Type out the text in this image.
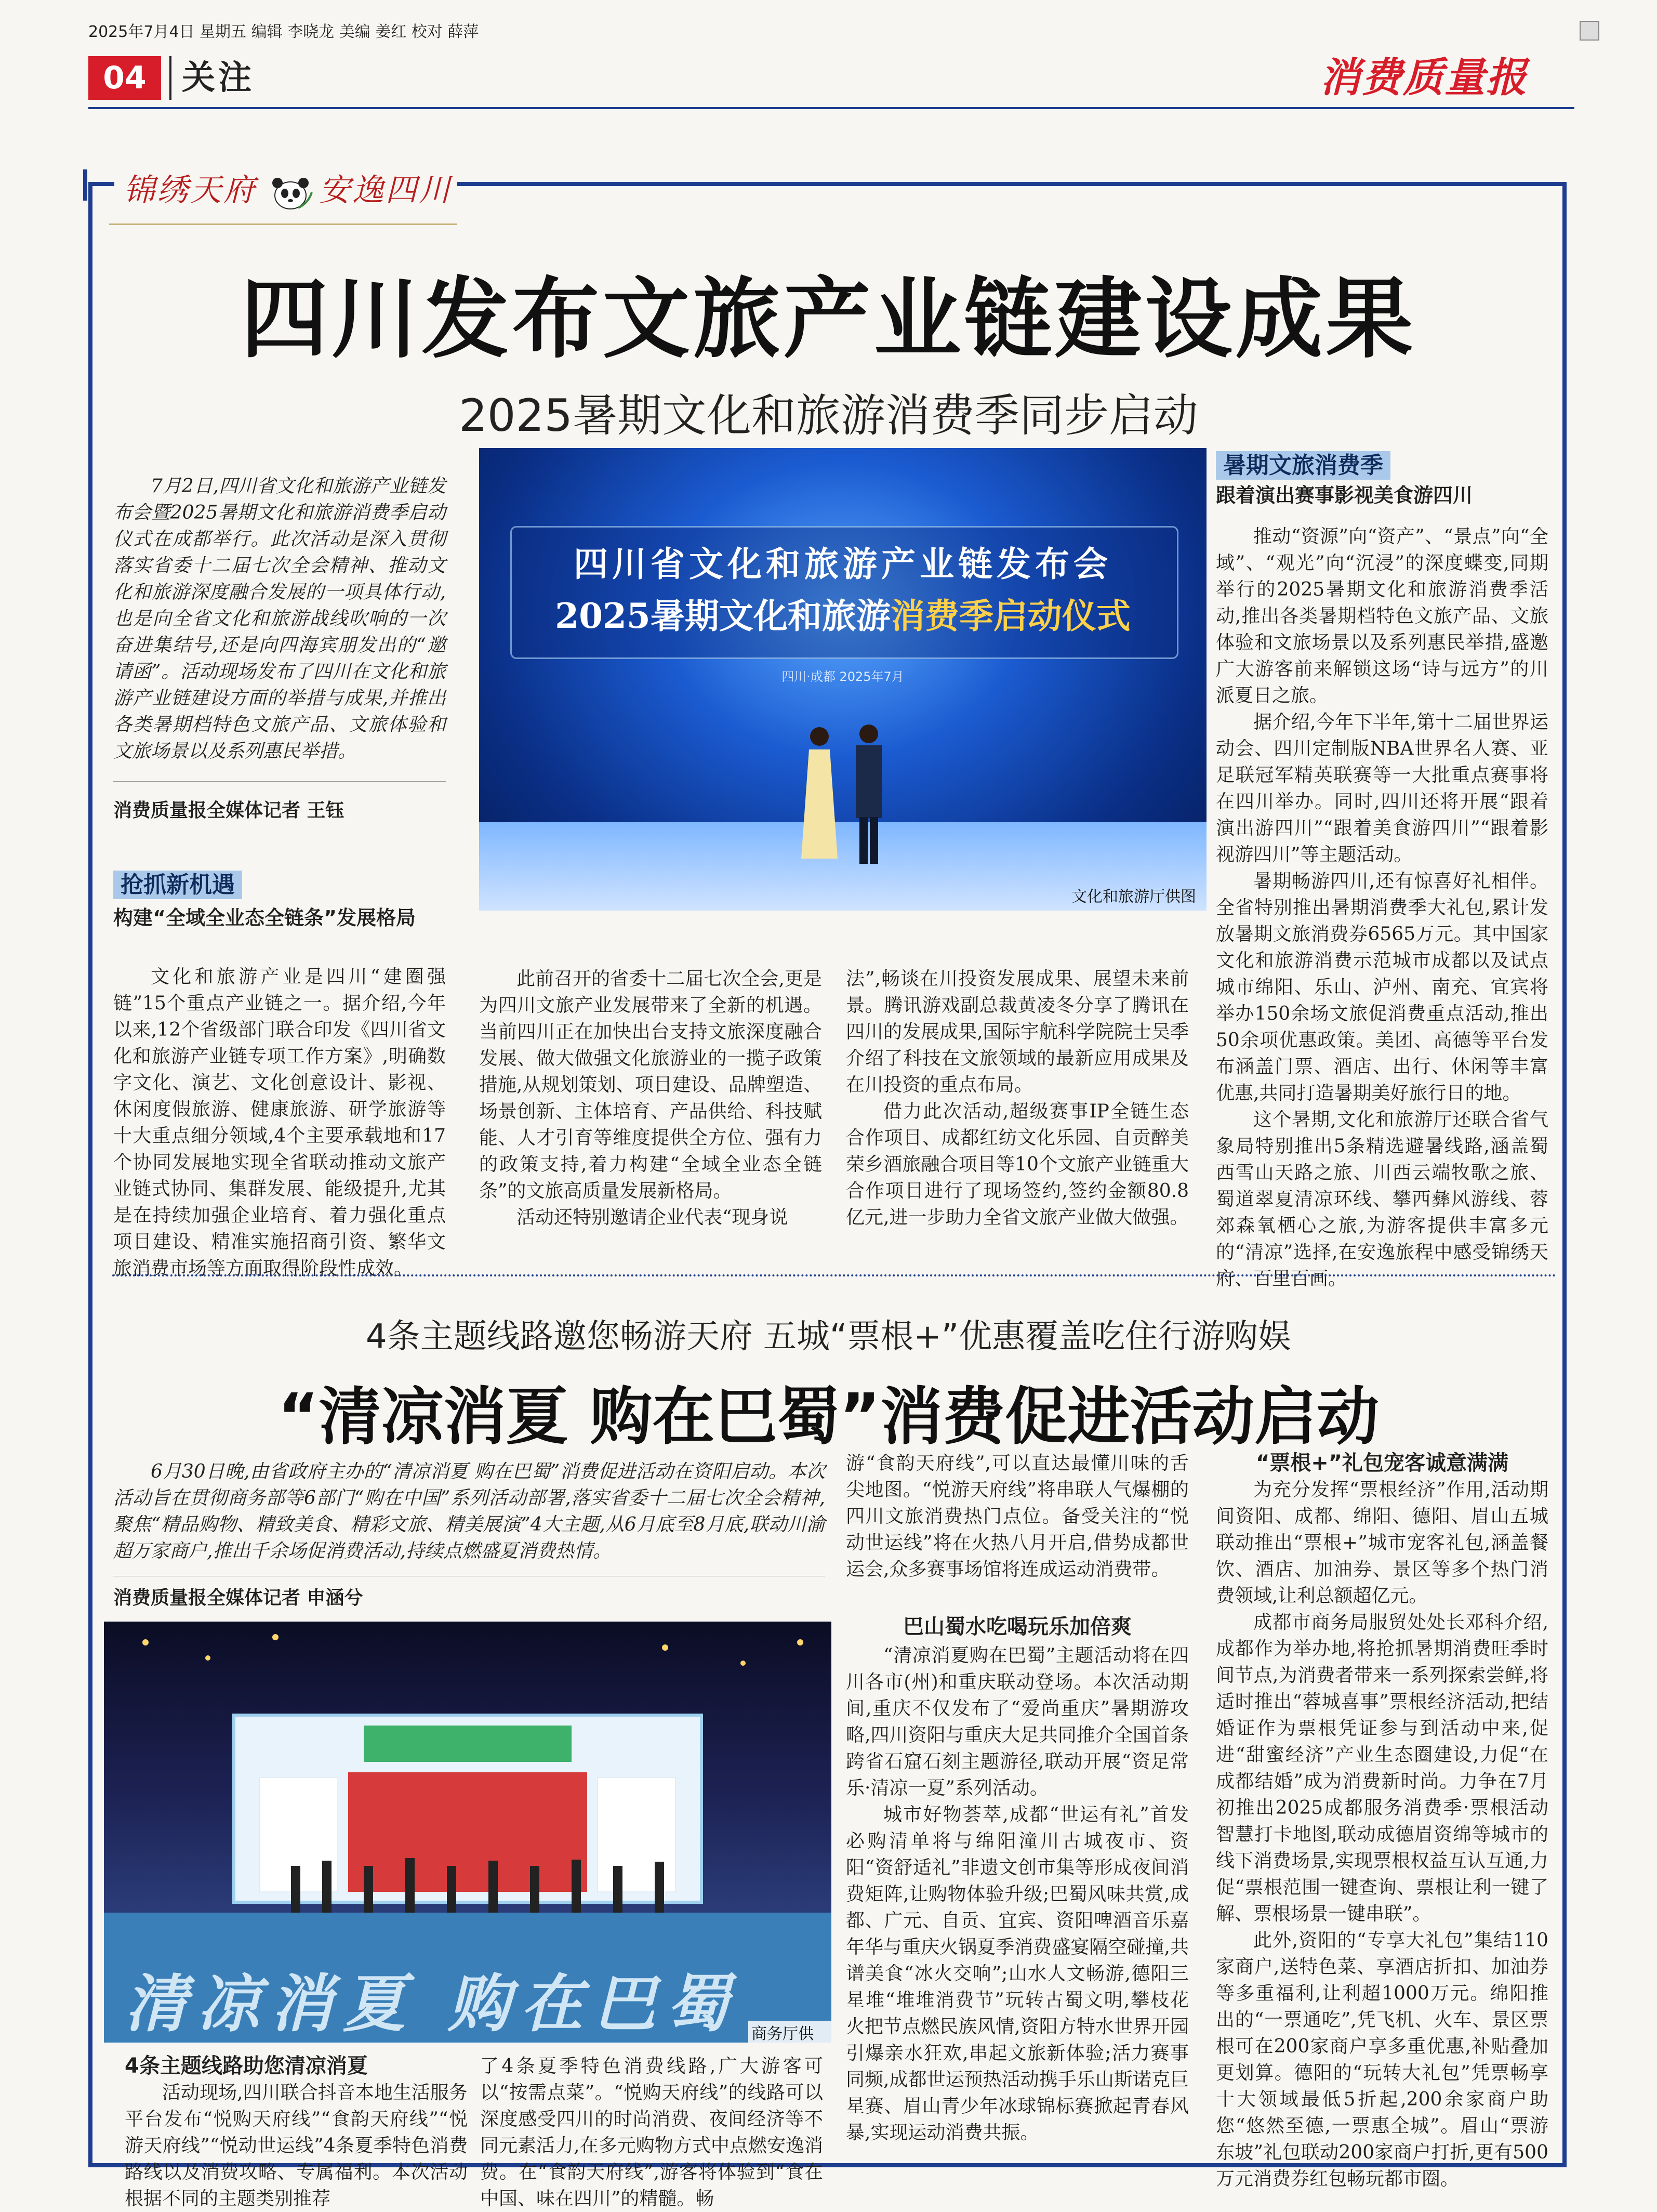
2025年7月4日 星期五 编辑 李晓龙 美编 姜红 校对 薛萍
04	关注	消费质量报
锦绣天府 安逸四川
四川发布文旅产业链建设成果
2025暑期文化和旅游消费季同步启动

7月2日,四川省文化和旅游产业链发布会暨2025暑期文化和旅游消费季启动仪式在成都举行。此次活动是深入贯彻落实省委十二届七次全会精神、推动文化和旅游深度融合发展的一项具体行动,也是向全省文化和旅游战线吹响的一次奋进集结号,还是向四海宾朋发出的“邀请函”。活动现场发布了四川在文化和旅游产业链建设方面的举措与成果,并推出各类暑期档特色文旅产品、文旅体验和文旅场景以及系列惠民举措。

消费质量报全媒体记者 王钰
抢抓新机遇
构建“全域全业态全链条”发展格局

文化和旅游产业是四川“建圈强链”15个重点产业链之一。据介绍,今年以来,12个省级部门联合印发《四川省文化和旅游产业链专项工作方案》,明确数字文化、演艺、文化创意设计、影视、休闲度假旅游、健康旅游、研学旅游等十大重点细分领域,4个主要承载地和17个协同发展地实现全省联动推动文旅产业链式协同、集群发展、能级提升,尤其是在持续加强企业培育、着力强化重点项目建设、精准实施招商引资、繁华文旅消费市场等方面取得阶段性成效。

四川省文化和旅游产业链发布会
2025暑期文化和旅游消费季启动仪式
四川·成都 2025年7月
文化和旅游厅供图

此前召开的省委十二届七次全会,更是为四川文旅产业发展带来了全新的机遇。当前四川正在加快出台支持文旅深度融合发展、做大做强文化旅游业的一揽子政策措施,从规划策划、项目建设、品牌塑造、场景创新、主体培育、产品供给、科技赋能、人才引育等维度提供全方位、强有力的政策支持,着力构建“全域全业态全链条”的文旅高质量发展新格局。

活动还特别邀请企业代表“现身说

法”,畅谈在川投资发展成果、展望未来前景。腾讯游戏副总裁黄凌冬分享了腾讯在四川的发展成果,国际宇航科学院院士吴季介绍了科技在文旅领域的最新应用成果及在川投资的重点布局。

借力此次活动,超级赛事IP全链生态合作项目、成都红纺文化乐园、自贡醉美荣乡酒旅融合项目等10个文旅产业链重大合作项目进行了现场签约,签约金额80.8亿元,进一步助力全省文旅产业做大做强。

暑期文旅消费季
跟着演出赛事影视美食游四川

推动“资源”向“资产”、“景点”向“全域”、“观光”向“沉浸”的深度蝶变,同期举行的2025暑期文化和旅游消费季活动,推出各类暑期档特色文旅产品、文旅体验和文旅场景以及系列惠民举措,盛邀广大游客前来解锁这场“诗与远方”的川派夏日之旅。

据介绍,今年下半年,第十二届世界运动会、四川定制版NBA世界名人赛、亚足联冠军精英联赛等一大批重点赛事将在四川举办。同时,四川还将开展“跟着演出游四川”“跟着美食游四川”“跟着影视游四川”等主题活动。

暑期畅游四川,还有惊喜好礼相伴。全省特别推出暑期消费季大礼包,累计发放暑期文旅消费券6565万元。其中国家文化和旅游消费示范城市成都以及试点城市绵阳、乐山、泸州、南充、宜宾将举办150余场文旅促消费重点活动,推出50余项优惠政策。美团、高德等平台发布涵盖门票、酒店、出行、休闲等丰富优惠,共同打造暑期美好旅行日的地。

这个暑期,文化和旅游厅还联合省气象局特别推出5条精选避暑线路,涵盖蜀西雪山天路之旅、川西云端牧歌之旅、蜀道翠夏清凉环线、攀西彝风游线、蓉郊森氧栖心之旅,为游客提供丰富多元的“清凉”选择,在安逸旅程中感受锦绣天府、百里百画。

4条主题线路邀您畅游天府 五城“票根+”优惠覆盖吃住行游购娱
“清凉消夏 购在巴蜀”消费促进活动启动

6月30日晚,由省政府主办的“清凉消夏 购在巴蜀”消费促进活动在资阳启动。本次活动旨在贯彻商务部等6部门“购在中国”系列活动部署,落实省委十二届七次全会精神,聚焦“精品购物、精致美食、精彩文旅、精美展演”4大主题,从6月底至8月底,联动川渝超万家商户,推出千余场促消费活动,持续点燃盛夏消费热情。

消费质量报全媒体记者 申涵兮
清凉消夏 购在巴蜀 商务厅供
4条主题线路助您清凉消夏

活动现场,四川联合抖音本地生活服务平台发布“悦购天府线”“食韵天府线”“悦游天府线”“悦动世运线”4条夏季特色消费路线以及消费攻略、专属福利。本次活动根据不同的主题类别推荐

了4条夏季特色消费线路,广大游客可以“按需点菜”。“悦购天府线”的线路可以深度感受四川的时尚消费、夜间经济等不同元素活力,在多元购物方式中点燃安逸消费。在“食韵天府线”,游客将体验到“食在中国、味在四川”的精髓。畅

游“食韵天府线”,可以直达最懂川味的舌尖地图。“悦游天府线”将串联人气爆棚的四川文旅消费热门点位。备受关注的“悦动世运线”将在火热八月开启,借势成都世运会,众多赛事场馆将连成运动消费带。

巴山蜀水吃喝玩乐加倍爽

“清凉消夏购在巴蜀”主题活动将在四川各市(州)和重庆联动登场。本次活动期间,重庆不仅发布了“爱尚重庆”暑期游攻略,四川资阳与重庆大足共同推介全国首条跨省石窟石刻主题游径,联动开展“资足常乐·清凉一夏”系列活动。

城市好物荟萃,成都“世运有礼”首发必购清单将与绵阳潼川古城夜市、资阳“资舒适礼”非遗文创市集等形成夜间消费矩阵,让购物体验升级;巴蜀风味共赏,成都、广元、自贡、宜宾、资阳啤酒音乐嘉年华与重庆火锅夏季消费盛宴隔空碰撞,共谱美食“冰火交响”;山水人文畅游,德阳三星堆“堆堆消费节”玩转古蜀文明,攀枝花火把节点燃民族风情,资阳方特水世界开园引爆亲水狂欢,串起文旅新体验;活力赛事同频,成都世运预热活动携手乐山斯诺克巨星赛、眉山青少年冰球锦标赛掀起青春风暴,实现运动消费共振。

“票根+”礼包宠客诚意满满

为充分发挥“票根经济”作用,活动期间资阳、成都、绵阳、德阳、眉山五城联动推出“票根+”城市宠客礼包,涵盖餐饮、酒店、加油券、景区等多个热门消费领域,让利总额超亿元。

成都市商务局服贸处处长邓科介绍,成都作为举办地,将抢抓暑期消费旺季时间节点,为消费者带来一系列探索尝鲜,将适时推出“蓉城喜事”票根经济活动,把结婚证作为票根凭证参与到活动中来,促进“甜蜜经济”产业生态圈建设,力促“在成都结婚”成为消费新时尚。力争在7月初推出2025成都服务消费季·票根活动智慧打卡地图,联动成德眉资绵等城市的线下消费场景,实现票根权益互认互通,力促“票根范围一键查询、票根让利一键了解、票根场景一键串联”。

此外,资阳的“专享大礼包”集结110家商户,送特色菜、享酒店折扣、加油券等多重福利,让利超1000万元。绵阳推出的“一票通吃”,凭飞机、火车、景区票根可在200家商户享多重优惠,补贴叠加更划算。德阳的“玩转大礼包”凭票畅享十大领域最低5折起,200余家商户助您“悠然至德,一票惠全城”。眉山“票游东坡”礼包联动200家商户打折,更有500万元消费券红包畅玩都市圈。
